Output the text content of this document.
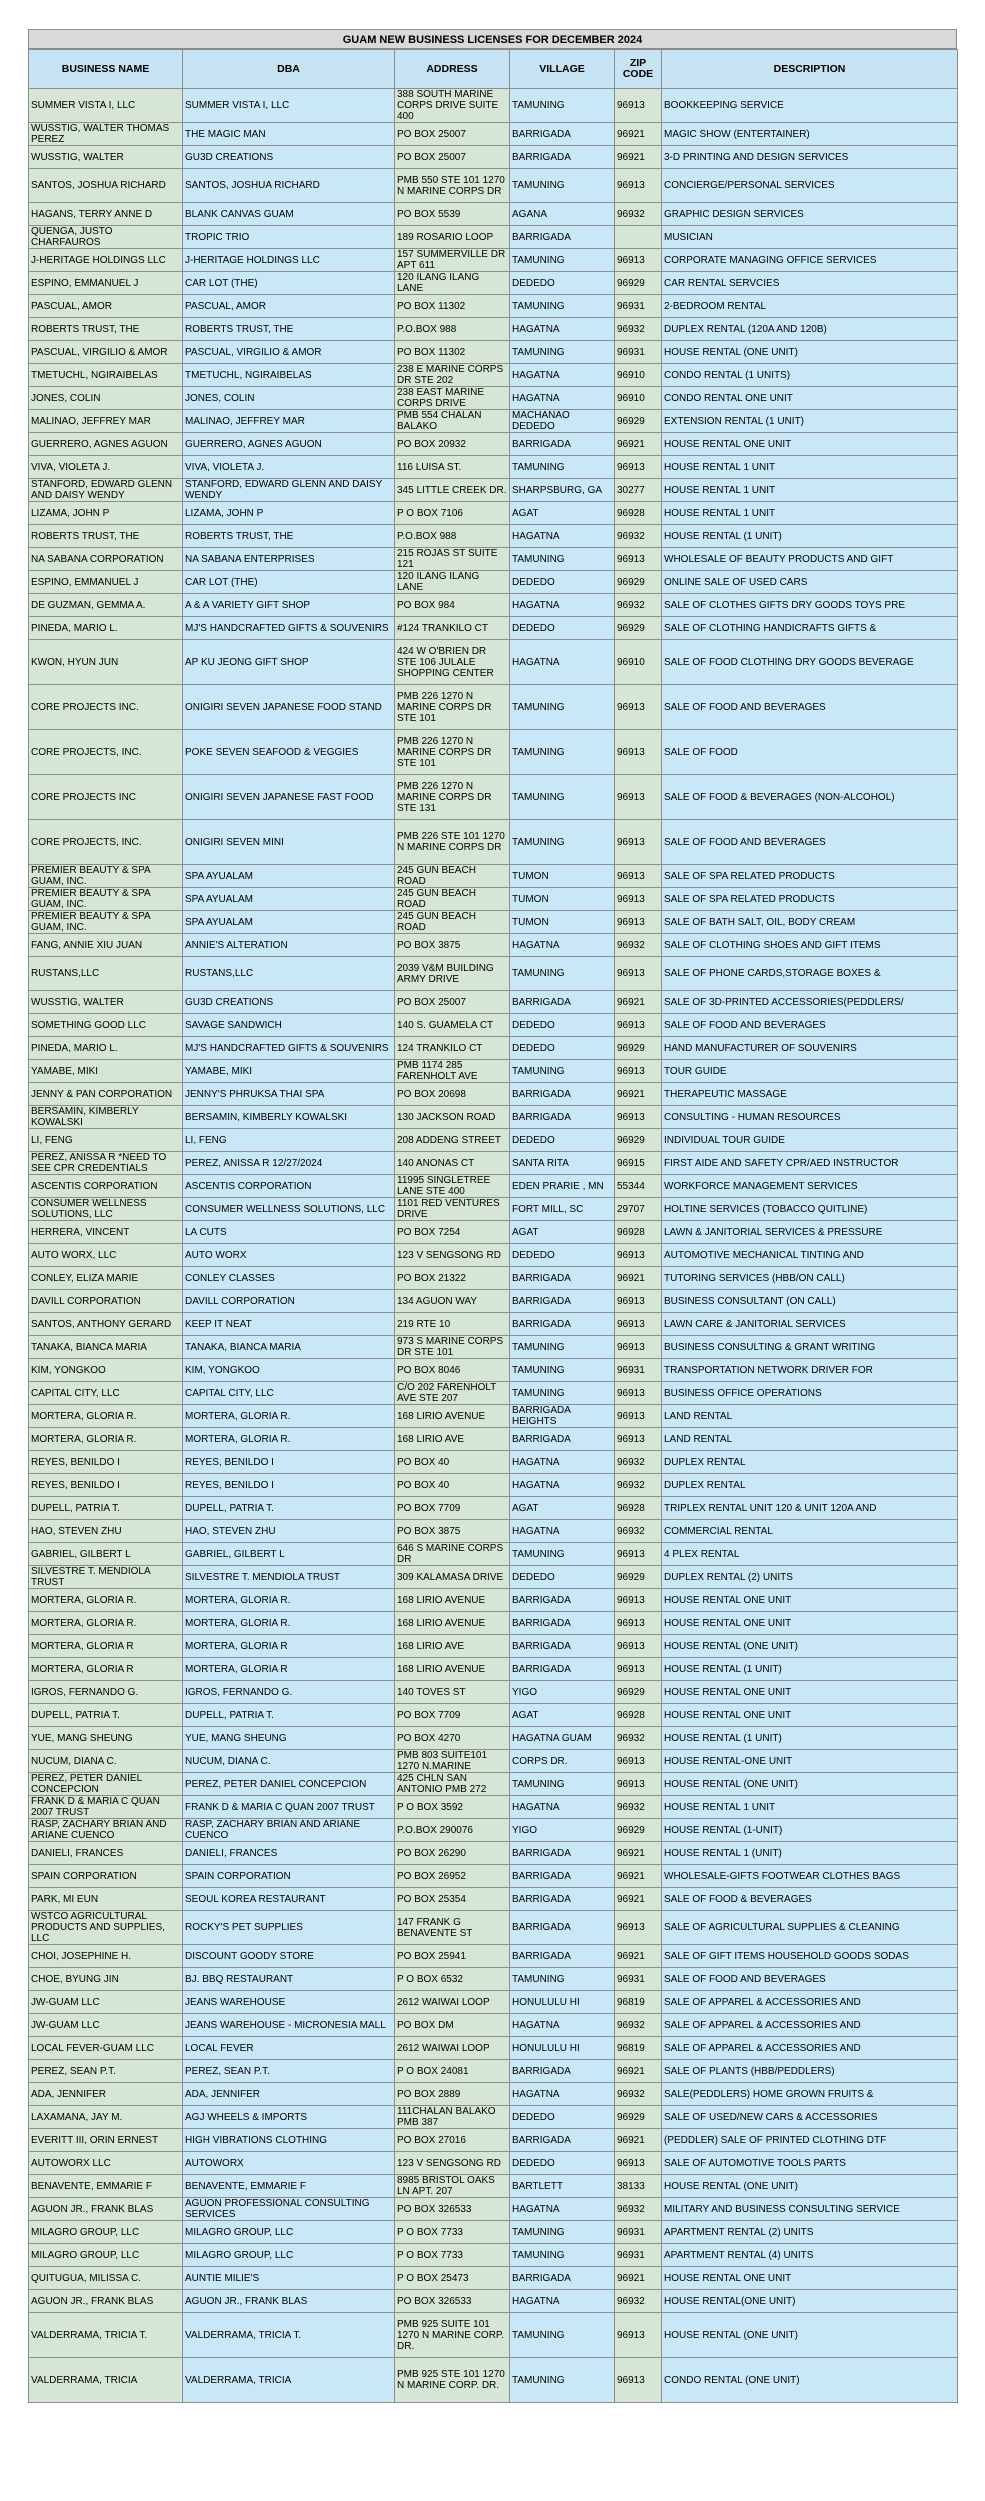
GUAM NEW BUSINESS LICENSES FOR DECEMBER 2024
BUSINESS NAME	DBA	ADDRESS	VILLAGE	ZIP CODE	DESCRIPTION
SUMMER VISTA I, LLC	SUMMER VISTA I, LLC	388 SOUTH MARINE CORPS DRIVE SUITE 400	TAMUNING	96913	BOOKKEEPING SERVICE
WUSSTIG, WALTER THOMAS PEREZ	THE MAGIC MAN	PO BOX 25007	BARRIGADA	96921	MAGIC SHOW (ENTERTAINER)
WUSSTIG, WALTER	GU3D CREATIONS	PO BOX 25007	BARRIGADA	96921	3-D PRINTING AND DESIGN SERVICES
SANTOS, JOSHUA RICHARD	SANTOS, JOSHUA RICHARD	PMB 550 STE 101 1270 N MARINE CORPS DR	TAMUNING	96913	CONCIERGE/PERSONAL SERVICES
HAGANS, TERRY ANNE D	BLANK CANVAS GUAM	PO BOX 5539	AGANA	96932	GRAPHIC DESIGN SERVICES
QUENGA, JUSTO CHARFAUROS	TROPIC TRIO	189 ROSARIO LOOP	BARRIGADA		MUSICIAN
J-HERITAGE HOLDINGS LLC	J-HERITAGE HOLDINGS LLC	157 SUMMERVILLE DR APT 611	TAMUNING	96913	CORPORATE MANAGING OFFICE SERVICES
ESPINO, EMMANUEL J	CAR LOT (THE)	120 ILANG ILANG LANE	DEDEDO	96929	CAR RENTAL SERVCIES
PASCUAL, AMOR	PASCUAL, AMOR	PO BOX 11302	TAMUNING	96931	2-BEDROOM RENTAL
ROBERTS TRUST, THE	ROBERTS TRUST, THE	P.O.BOX 988	HAGATNA	96932	DUPLEX RENTAL (120A AND 120B)
PASCUAL, VIRGILIO & AMOR	PASCUAL, VIRGILIO & AMOR	PO BOX 11302	TAMUNING	96931	HOUSE RENTAL (ONE UNIT)
TMETUCHL, NGIRAIBELAS	TMETUCHL, NGIRAIBELAS	238 E MARINE CORPS DR STE 202	HAGATNA	96910	CONDO RENTAL (1 UNITS)
JONES, COLIN	JONES, COLIN	238 EAST MARINE CORPS DRIVE	HAGATNA	96910	CONDO RENTAL ONE UNIT
MALINAO, JEFFREY MAR	MALINAO, JEFFREY MAR	PMB 554 CHALAN BALAKO	MACHANAO DEDEDO	96929	EXTENSION RENTAL (1 UNIT)
GUERRERO, AGNES AGUON	GUERRERO, AGNES AGUON	PO BOX 20932	BARRIGADA	96921	HOUSE RENTAL ONE UNIT
VIVA, VIOLETA J.	VIVA, VIOLETA J.	116 LUISA ST.	TAMUNING	96913	HOUSE RENTAL 1 UNIT
STANFORD, EDWARD GLENN AND DAISY WENDY	STANFORD, EDWARD GLENN AND DAISY WENDY	345 LITTLE CREEK DR.	SHARPSBURG, GA	30277	HOUSE RENTAL 1 UNIT
LIZAMA, JOHN P	LIZAMA, JOHN P	P O BOX 7106	AGAT	96928	HOUSE RENTAL 1 UNIT
ROBERTS TRUST, THE	ROBERTS TRUST, THE	P.O.BOX 988	HAGATNA	96932	HOUSE RENTAL (1 UNIT)
NA SABANA CORPORATION	NA SABANA ENTERPRISES	215 ROJAS ST SUITE 121	TAMUNING	96913	WHOLESALE OF BEAUTY PRODUCTS AND GIFT
ESPINO, EMMANUEL J	CAR LOT (THE)	120 ILANG ILANG LANE	DEDEDO	96929	ONLINE SALE OF USED CARS
DE GUZMAN, GEMMA A.	A & A VARIETY GIFT SHOP	PO BOX 984	HAGATNA	96932	SALE OF CLOTHES GIFTS DRY GOODS TOYS PRE
PINEDA, MARIO L.	MJ'S HANDCRAFTED GIFTS & SOUVENIRS	#124 TRANKILO CT	DEDEDO	96929	SALE OF CLOTHING HANDICRAFTS GIFTS &
KWON, HYUN JUN	AP KU JEONG GIFT SHOP	424 W O'BRIEN DR STE 106 JULALE SHOPPING CENTER	HAGATNA	96910	SALE OF FOOD CLOTHING DRY GOODS BEVERAGE
CORE PROJECTS INC.	ONIGIRI SEVEN JAPANESE FOOD STAND	PMB 226 1270 N MARINE CORPS DR STE 101	TAMUNING	96913	SALE OF FOOD AND BEVERAGES
CORE PROJECTS, INC.	POKE SEVEN SEAFOOD & VEGGIES	PMB 226 1270 N MARINE CORPS DR STE 101	TAMUNING	96913	SALE OF FOOD
CORE PROJECTS INC	ONIGIRI SEVEN JAPANESE FAST FOOD	PMB 226 1270 N MARINE CORPS DR STE 131	TAMUNING	96913	SALE OF FOOD & BEVERAGES (NON-ALCOHOL)
CORE PROJECTS, INC.	ONIGIRI SEVEN MINI	PMB 226 STE 101 1270 N MARINE CORPS DR	TAMUNING	96913	SALE OF FOOD AND BEVERAGES
PREMIER BEAUTY & SPA GUAM, INC.	SPA AYUALAM	245 GUN BEACH ROAD	TUMON	96913	SALE OF SPA RELATED PRODUCTS
PREMIER BEAUTY & SPA GUAM, INC.	SPA AYUALAM	245 GUN BEACH ROAD	TUMON	96913	SALE OF SPA RELATED PRODUCTS
PREMIER BEAUTY & SPA GUAM, INC.	SPA AYUALAM	245 GUN BEACH ROAD	TUMON	96913	SALE OF BATH SALT, OIL, BODY CREAM
FANG, ANNIE XIU JUAN	ANNIE'S ALTERATION	PO BOX 3875	HAGATNA	96932	SALE OF CLOTHING SHOES AND GIFT ITEMS
RUSTANS,LLC	RUSTANS,LLC	2039 V&M BUILDING ARMY DRIVE	TAMUNING	96913	SALE OF PHONE CARDS,STORAGE BOXES &
WUSSTIG, WALTER	GU3D CREATIONS	PO BOX 25007	BARRIGADA	96921	SALE OF 3D-PRINTED ACCESSORIES(PEDDLERS/
SOMETHING GOOD LLC	SAVAGE SANDWICH	140 S. GUAMELA CT	DEDEDO	96913	SALE OF FOOD AND BEVERAGES
PINEDA, MARIO L.	MJ'S HANDCRAFTED GIFTS & SOUVENIRS	124 TRANKILO CT	DEDEDO	96929	HAND MANUFACTURER OF SOUVENIRS
YAMABE, MIKI	YAMABE, MIKI	PMB 1174 285 FARENHOLT AVE	TAMUNING	96913	TOUR GUIDE
JENNY & PAN CORPORATION	JENNY'S PHRUKSA THAI SPA	PO BOX 20698	BARRIGADA	96921	THERAPEUTIC MASSAGE
BERSAMIN, KIMBERLY KOWALSKI	BERSAMIN, KIMBERLY KOWALSKI	130 JACKSON ROAD	BARRIGADA	96913	CONSULTING - HUMAN RESOURCES
LI, FENG	LI, FENG	208 ADDENG STREET	DEDEDO	96929	INDIVIDUAL TOUR GUIDE
PEREZ, ANISSA R *NEED TO SEE CPR CREDENTIALS	PEREZ, ANISSA R 12/27/2024	140 ANONAS CT	SANTA RITA	96915	FIRST AIDE AND SAFETY CPR/AED INSTRUCTOR
ASCENTIS CORPORATION	ASCENTIS CORPORATION	11995 SINGLETREE LANE STE 400	EDEN PRARIE , MN	55344	WORKFORCE MANAGEMENT SERVICES
CONSUMER WELLNESS SOLUTIONS, LLC	CONSUMER WELLNESS SOLUTIONS, LLC	1101 RED VENTURES DRIVE	FORT MILL, SC	29707	HOLTINE SERVICES (TOBACCO QUITLINE)
HERRERA, VINCENT	LA CUTS	PO BOX 7254	AGAT	96928	LAWN & JANITORIAL SERVICES & PRESSURE
AUTO WORX, LLC	AUTO WORX	123 V SENGSONG RD	DEDEDO	96913	AUTOMOTIVE MECHANICAL TINTING AND
CONLEY, ELIZA MARIE	CONLEY CLASSES	PO BOX 21322	BARRIGADA	96921	TUTORING SERVICES (HBB/ON CALL)
DAVILL CORPORATION	DAVILL CORPORATION	134 AGUON WAY	BARRIGADA	96913	BUSINESS CONSULTANT (ON CALL)
SANTOS, ANTHONY GERARD	KEEP IT NEAT	219 RTE 10	BARRIGADA	96913	LAWN CARE & JANITORIAL SERVICES
TANAKA, BIANCA MARIA	TANAKA, BIANCA MARIA	973 S MARINE CORPS DR STE 101	TAMUNING	96913	BUSINESS CONSULTING & GRANT WRITING
KIM, YONGKOO	KIM, YONGKOO	PO BOX 8046	TAMUNING	96931	TRANSPORTATION NETWORK DRIVER FOR
CAPITAL CITY, LLC	CAPITAL CITY, LLC	C/O 202 FARENHOLT AVE STE 207	TAMUNING	96913	BUSINESS OFFICE OPERATIONS
MORTERA, GLORIA R.	MORTERA, GLORIA R.	168 LIRIO AVENUE	BARRIGADA HEIGHTS	96913	LAND RENTAL
MORTERA, GLORIA R.	MORTERA, GLORIA R.	168 LIRIO AVE	BARRIGADA	96913	LAND RENTAL
REYES, BENILDO I	REYES, BENILDO I	PO BOX 40	HAGATNA	96932	DUPLEX RENTAL
REYES, BENILDO I	REYES, BENILDO I	PO BOX 40	HAGATNA	96932	DUPLEX RENTAL
DUPELL, PATRIA T.	DUPELL, PATRIA T.	PO BOX 7709	AGAT	96928	TRIPLEX RENTAL UNIT 120 & UNIT 120A AND
HAO, STEVEN ZHU	HAO, STEVEN ZHU	PO BOX 3875	HAGATNA	96932	COMMERCIAL RENTAL
GABRIEL, GILBERT L	GABRIEL, GILBERT L	646 S MARINE CORPS DR	TAMUNING	96913	4 PLEX RENTAL
SILVESTRE T. MENDIOLA TRUST	SILVESTRE T. MENDIOLA TRUST	309 KALAMASA DRIVE	DEDEDO	96929	DUPLEX RENTAL (2) UNITS
MORTERA, GLORIA R.	MORTERA, GLORIA R.	168 LIRIO AVENUE	BARRIGADA	96913	HOUSE RENTAL ONE UNIT
MORTERA, GLORIA R.	MORTERA, GLORIA R.	168 LIRIO AVENUE	BARRIGADA	96913	HOUSE RENTAL ONE UNIT
MORTERA, GLORIA R	MORTERA, GLORIA R	168 LIRIO AVE	BARRIGADA	96913	HOUSE RENTAL (ONE UNIT)
MORTERA, GLORIA R	MORTERA, GLORIA R	168 LIRIO AVENUE	BARRIGADA	96913	HOUSE RENTAL (1 UNIT)
IGROS, FERNANDO G.	IGROS, FERNANDO G.	140 TOVES ST	YIGO	96929	HOUSE RENTAL ONE UNIT
DUPELL, PATRIA T.	DUPELL, PATRIA T.	PO BOX 7709	AGAT	96928	HOUSE RENTAL ONE UNIT
YUE, MANG SHEUNG	YUE, MANG SHEUNG	PO BOX 4270	HAGATNA GUAM	96932	HOUSE RENTAL (1 UNIT)
NUCUM, DIANA C.	NUCUM, DIANA C.	PMB 803 SUITE101 1270 N.MARINE	CORPS DR.	96913	HOUSE RENTAL-ONE UNIT
PEREZ, PETER DANIEL CONCEPCION	PEREZ, PETER DANIEL CONCEPCION	425 CHLN SAN ANTONIO PMB 272	TAMUNING	96913	HOUSE RENTAL (ONE UNIT)
FRANK D & MARIA C QUAN 2007 TRUST	FRANK D & MARIA C QUAN 2007 TRUST	P O BOX 3592	HAGATNA	96932	HOUSE RENTAL 1 UNIT
RASP, ZACHARY BRIAN AND ARIANE CUENCO	RASP, ZACHARY BRIAN AND ARIANE CUENCO	P.O.BOX 290076	YIGO	96929	HOUSE RENTAL (1-UNIT)
DANIELI, FRANCES	DANIELI, FRANCES	PO BOX 26290	BARRIGADA	96921	HOUSE RENTAL 1 (UNIT)
SPAIN CORPORATION	SPAIN CORPORATION	PO BOX 26952	BARRIGADA	96921	WHOLESALE-GIFTS FOOTWEAR CLOTHES BAGS
PARK, MI EUN	SEOUL KOREA RESTAURANT	PO BOX 25354	BARRIGADA	96921	SALE OF FOOD & BEVERAGES
WSTCO AGRICULTURAL PRODUCTS AND SUPPLIES, LLC	ROCKY'S PET SUPPLIES	147 FRANK G BENAVENTE ST	BARRIGADA	96913	SALE OF AGRICULTURAL SUPPLIES & CLEANING
CHOI, JOSEPHINE H.	DISCOUNT GOODY STORE	PO BOX 25941	BARRIGADA	96921	SALE OF GIFT ITEMS HOUSEHOLD GOODS SODAS
CHOE, BYUNG JIN	BJ. BBQ RESTAURANT	P O BOX 6532	TAMUNING	96931	SALE OF FOOD AND BEVERAGES
JW-GUAM LLC	JEANS WAREHOUSE	2612 WAIWAI LOOP	HONULULU HI	96819	SALE OF APPAREL & ACCESSORIES AND
JW-GUAM LLC	JEANS WAREHOUSE - MICRONESIA MALL	PO BOX DM	HAGATNA	96932	SALE OF APPAREL & ACCESSORIES AND
LOCAL FEVER-GUAM LLC	LOCAL FEVER	2612 WAIWAI LOOP	HONULULU HI	96819	SALE OF APPAREL & ACCESSORIES AND
PEREZ, SEAN P.T.	PEREZ, SEAN P.T.	P O BOX 24081	BARRIGADA	96921	SALE OF PLANTS (HBB/PEDDLERS)
ADA, JENNIFER	ADA, JENNIFER	PO BOX 2889	HAGATNA	96932	SALE(PEDDLERS) HOME GROWN FRUITS &
LAXAMANA, JAY M.	AGJ WHEELS & IMPORTS	111CHALAN BALAKO PMB 387	DEDEDO	96929	SALE OF USED/NEW CARS & ACCESSORIES
EVERITT III, ORIN ERNEST	HIGH VIBRATIONS CLOTHING	PO BOX 27016	BARRIGADA	96921	(PEDDLER) SALE OF PRINTED CLOTHING DTF
AUTOWORX LLC	AUTOWORX	123 V SENGSONG RD	DEDEDO	96913	SALE OF AUTOMOTIVE TOOLS PARTS
BENAVENTE, EMMARIE F	BENAVENTE, EMMARIE F	8985 BRISTOL OAKS LN APT. 207	BARTLETT	38133	HOUSE RENTAL (ONE UNIT)
AGUON JR., FRANK BLAS	AGUON PROFESSIONAL CONSULTING SERVICES	PO BOX 326533	HAGATNA	96932	MILITARY AND BUSINESS CONSULTING SERVICE
MILAGRO GROUP, LLC	MILAGRO GROUP, LLC	P O BOX 7733	TAMUNING	96931	APARTMENT RENTAL (2) UNITS
MILAGRO GROUP, LLC	MILAGRO GROUP, LLC	P O BOX 7733	TAMUNING	96931	APARTMENT RENTAL (4) UNITS
QUITUGUA, MILISSA C.	AUNTIE MILIE'S	P O BOX 25473	BARRIGADA	96921	HOUSE RENTAL ONE UNIT
AGUON JR., FRANK BLAS	AGUON JR., FRANK BLAS	PO BOX 326533	HAGATNA	96932	HOUSE RENTAL(ONE UNIT)
VALDERRAMA, TRICIA T.	VALDERRAMA, TRICIA T.	PMB 925 SUITE 101 1270 N MARINE CORP. DR.	TAMUNING	96913	HOUSE RENTAL (ONE UNIT)
VALDERRAMA, TRICIA	VALDERRAMA, TRICIA	PMB 925 STE 101 1270 N MARINE CORP. DR.	TAMUNING	96913	CONDO RENTAL (ONE UNIT)
